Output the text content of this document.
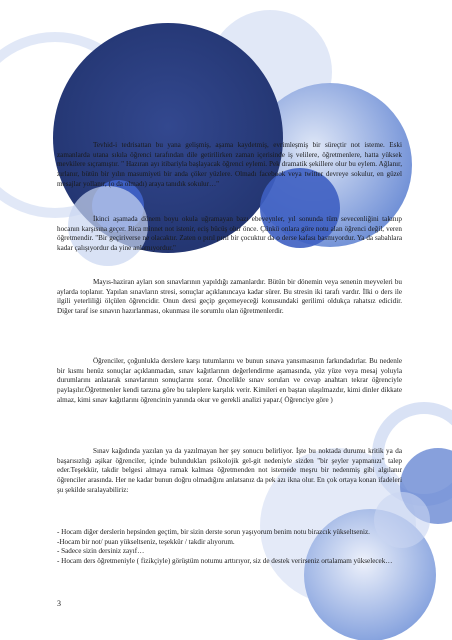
Tevhid-i tedrisattan bu yana gelişmiş, aşama kaydetmiş, evrimleşmiş bir süreçtir not isteme. Eski zamanlarda utana sıkıla öğrenci tarafından dile getirilirken zaman içerisinde iş velilere, öğretmenlere, hatta yüksek mevkilere sıçramıştır. " Hazıran ayı itibariyla başlayacak öğrenci eylemi. Pek dramatik şekillere olur bu eylem. Ağlanır, zırlanır, bütün bir yılın masumiyeti bir anda çöker yüzlere. Olmadı facebook veya twitter devreye sokulur, en güzel mesajlar yollanır, (o da olmadı) araya tanıdık sokulur…"

İkinci aşamada dönem boyu okula uğramayan bazı ebeveynler, yıl sonunda tüm sevecenliğini takınıp hocanın karşısına geçer. Rica minnet not istenir, eciş bücüş olur önce. Çünkü onlara göre notu alan öğrenci değil, veren öğretmendir. "Bir geçiriverse ne olacaktır. Zaten o pırıl pırıl bir çocuktur da o derse kafası basmıyordur. Ya da sabahlara kadar çalışıyordur da yine anlamıyordur."

Mayıs-haziran ayları son sınavlarının yapıldığı zamanlardır. Bütün bir dönemin veya senenin meyveleri bu aylarda toplanır. Yapılan sınavların stresi, sonuçlar açıklanıncaya kadar sürer. Bu stresin iki tarafı vardır. İlki o ders ile ilgili yeterliliği ölçülen öğrencidir. Onun dersi geçip geçemeyeceği konusundaki gerilimi oldukça rahatsız edicidir. Diğer taraf ise sınavın hazırlanması, okunması ile sorumlu olan öğretmenlerdir.

Öğrenciler, çoğunlukla derslere karşı tutumlarını ve bunun sınava yansımasının farkındadırlar. Bu nedenle bir kısmı henüz sonuçlar açıklanmadan, sınav kağıtlarının değerlendirme aşamasında, yüz yüze veya mesaj yoluyla durumlarını anlatarak sınavlarının sonuçlarını sorar. Öncelikle sınav soruları ve cevap anahtarı tekrar öğrenciyle paylaşılır.Öğretmenler kendi tarzına göre bu taleplere karşılık verir. Kimileri en baştan ulaşılmazdır, kimi dinler dikkate almaz, kimi sınav kağıtlarını öğrencinin yanında okur ve gerekli analizi yapar.( Öğrenciye göre )

Sınav kağıdında yazılan ya da yazılmayan her şey sonucu belirliyor. İşte bu noktada durumu kritik ya da başarısızlığı aşikar öğrenciler, içinde bulundukları psikolojik gel-git nedeniyle sizden "bir şeyler yapmanızı" talep eder.Teşekkür, takdir belgesi almaya ramak kalması öğretmenden not istemede meşru bir nedenmiş gibi algılanır öğrenciler arasında. Her ne kadar bunun doğru olmadığını anlatsanız da pek azı ikna olur. En çok ortaya konan ifadeleri şu şekilde sıralayabiliriz:

- Hocam diğer derslerin hepsinden geçtim, bir sizin derste sorun yaşıyorum benim notu birazcık yükseltseniz.
-Hocam bir not/ puan yükseltseniz, teşekkür / takdir alıyorum.
- Sadece sizin dersiniz zayıf…
- Hocam ders öğretmeniyle ( fizikçiyle) görüştüm notumu arttırıyor, siz de destek verirseniz ortalamam yükselecek…
3
